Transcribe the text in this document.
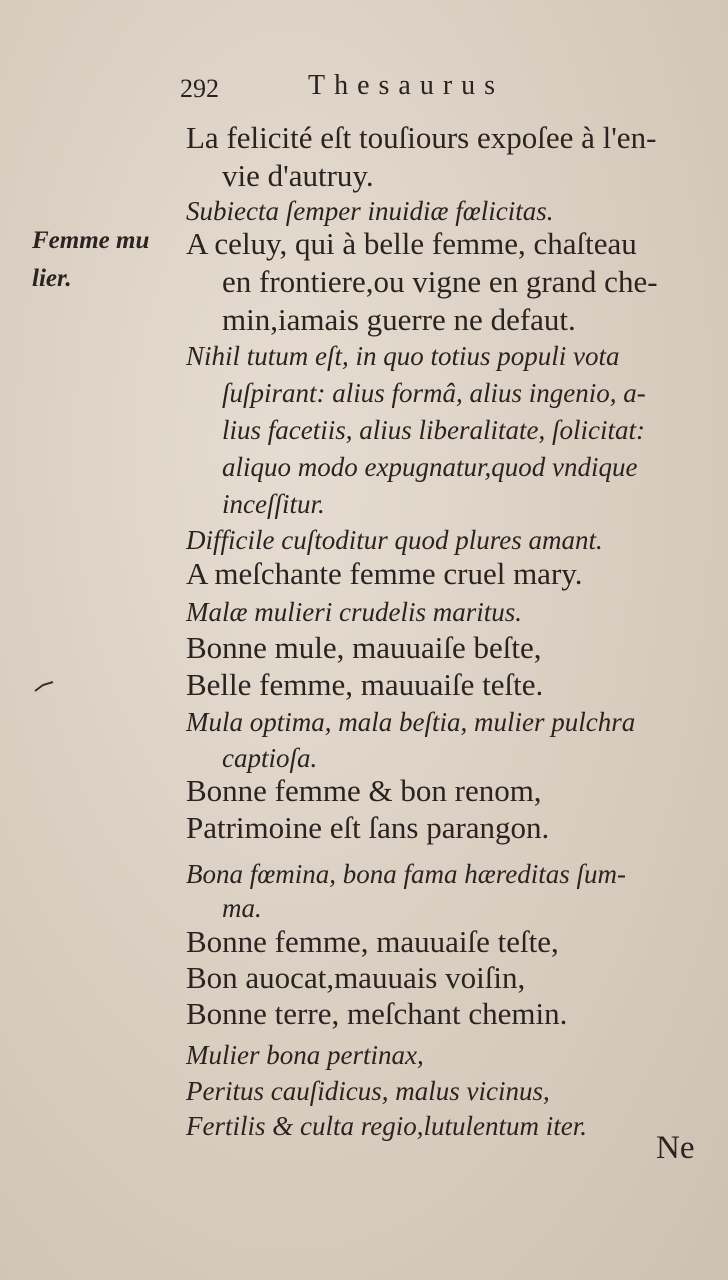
292	Thesaurus
Femme mu
lier.
La felicité eſt touſiours expoſee à l'en-
vie d'autruy.
Subiecta ſemper inuidiæ fœlicitas.
A celuy, qui à belle femme, chaſteau
en frontiere,ou vigne en grand che-
min,iamais guerre ne defaut.
Nihil tutum eſt, in quo totius populi vota
ſuſpirant: alius formâ, alius ingenio, a-
lius facetiis, alius liberalitate, ſolicitat:
aliquo modo expugnatur,quod vndique
inceſſitur.
Difficile cuſtoditur quod plures amant.
A meſchante femme cruel mary.
Malæ mulieri crudelis maritus.
Bonne mule, mauuaiſe beſte,
Belle femme, mauuaiſe teſte.
Mula optima, mala beſtia, mulier pulchra
captioſa.
Bonne femme & bon renom,
Patrimoine eſt ſans parangon.
Bona fœmina, bona fama hæreditas ſum-
ma.
Bonne femme, mauuaiſe teſte,
Bon auocat,mauuais voiſin,
Bonne terre, meſchant chemin.
Mulier bona pertinax,
Peritus cauſidicus, malus vicinus,
Fertilis & culta regio,lutulentum iter.
Ne
